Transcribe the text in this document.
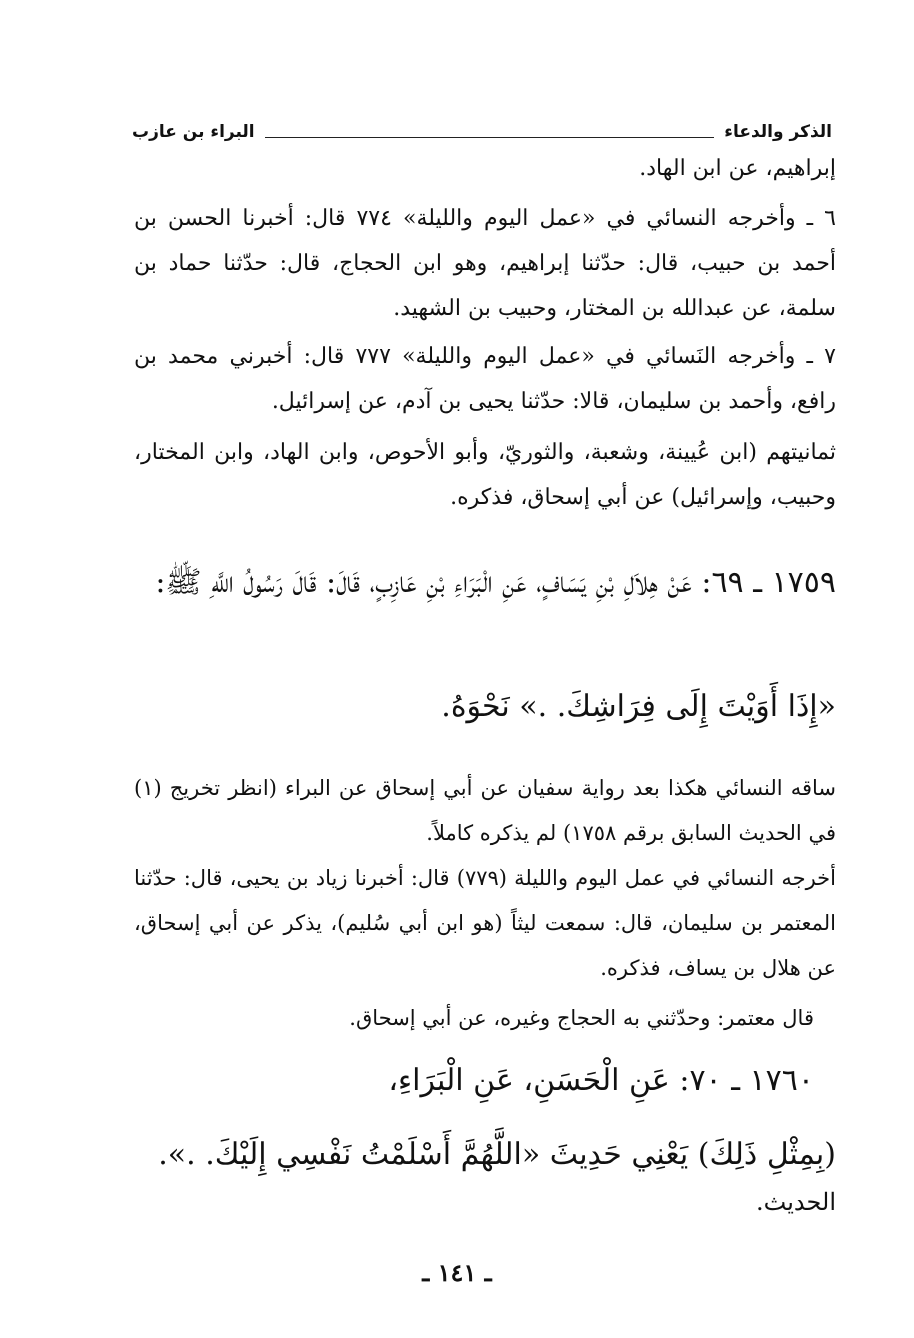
الذكر والدعاء
البراء بن عازب
إبراهيم، عن ابن الهاد.
٦ ـ وأخرجه النسائي في «عمل اليوم والليلة» ٧٧٤ قال: أخبرنا الحسن بن أحمد بن حبيب، قال: حدّثنا إبراهيم، وهو ابن الحجاج، قال: حدّثنا حماد بن سلمة، عن عبدالله بن المختار، وحبيب بن الشهيد.
٧ ـ وأخرجه النَسائي في «عمل اليوم والليلة» ٧٧٧ قال: أخبرني محمد بن رافع، وأحمد بن سليمان، قالا: حدّثنا يحيى بن آدم، عن إسرائيل.
ثمانيتهم (ابن عُيينة، وشعبة، والثوريّ، وأبو الأحوص، وابن الهاد، وابن المختار، وحبيب، وإسرائيل) عن أبي إسحاق، فذكره.
١٧٥٩ ـ ٦٩: عَنْ هِلاَلِ بْنِ يَسَافٍ، عَنِ الْبَرَاءِ بْنِ عَازِبٍ، قَالَ: قَالَ رَسُولُ اللَّهِ ﷺ:
«إِذَا أَوَيْتَ إِلَى فِرَاشِكَ. .» نَحْوَهُ.
ساقه النسائي هكذا بعد رواية سفيان عن أبي إسحاق عن البراء (انظر تخريج (١) في الحديث السابق برقم ١٧٥٨) لم يذكره كاملاً.
أخرجه النسائي في عمل اليوم والليلة (٧٧٩) قال: أخبرنا زياد بن يحيى، قال: حدّثنا المعتمر بن سليمان، قال: سمعت ليثاً (هو ابن أبي سُليم)، يذكر عن أبي إسحاق، عن هلال بن يساف، فذكره.
قال معتمر: وحدّثني به الحجاج وغيره، عن أبي إسحاق.
١٧٦٠ ـ ٧٠: عَنِ الْحَسَنِ، عَنِ الْبَرَاءِ،
(بِمِثْلِ ذَلِكَ) يَعْنِي حَدِيثَ «اللَّهُمَّ أَسْلَمْتُ نَفْسِي إِلَيْكَ. .».
الحديث.
ـ ١٤١ ـ
